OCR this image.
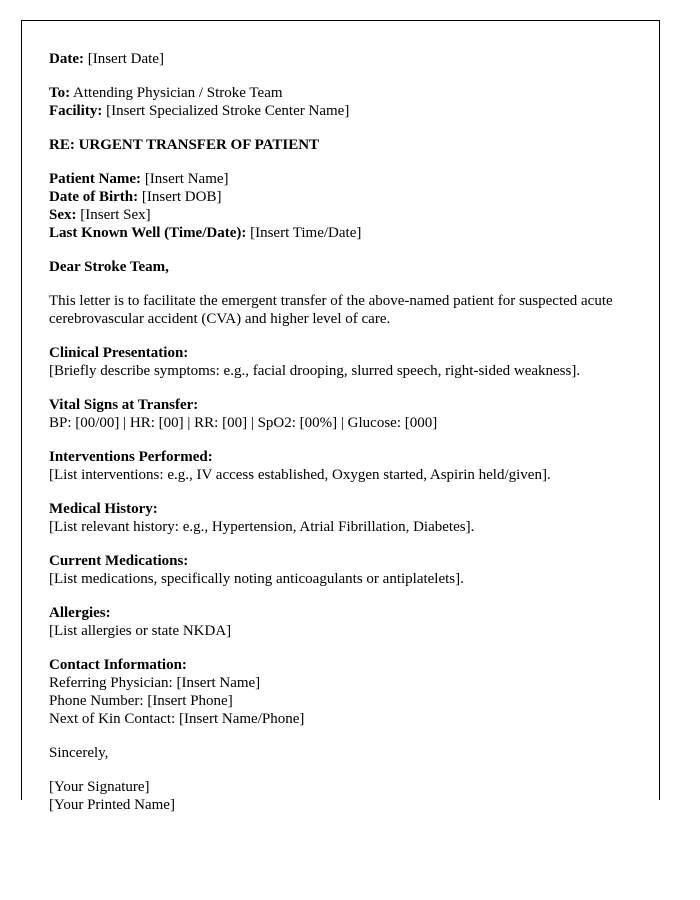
Date: [Insert Date]
To: Attending Physician / Stroke Team
Facility: [Insert Specialized Stroke Center Name]
RE: URGENT TRANSFER OF PATIENT
Patient Name: [Insert Name]
Date of Birth: [Insert DOB]
Sex: [Insert Sex]
Last Known Well (Time/Date): [Insert Time/Date]
Dear Stroke Team,
This letter is to facilitate the emergent transfer of the above-named patient for suspected acute cerebrovascular accident (CVA) and higher level of care.
Clinical Presentation:
[Briefly describe symptoms: e.g., facial drooping, slurred speech, right-sided weakness].
Vital Signs at Transfer:
BP: [00/00] | HR: [00] | RR: [00] | SpO2: [00%] | Glucose: [000]
Interventions Performed:
[List interventions: e.g., IV access established, Oxygen started, Aspirin held/given].
Medical History:
[List relevant history: e.g., Hypertension, Atrial Fibrillation, Diabetes].
Current Medications:
[List medications, specifically noting anticoagulants or antiplatelets].
Allergies:
[List allergies or state NKDA]
Contact Information:
Referring Physician: [Insert Name]
Phone Number: [Insert Phone]
Next of Kin Contact: [Insert Name/Phone]
Sincerely,
[Your Signature]
[Your Printed Name]
